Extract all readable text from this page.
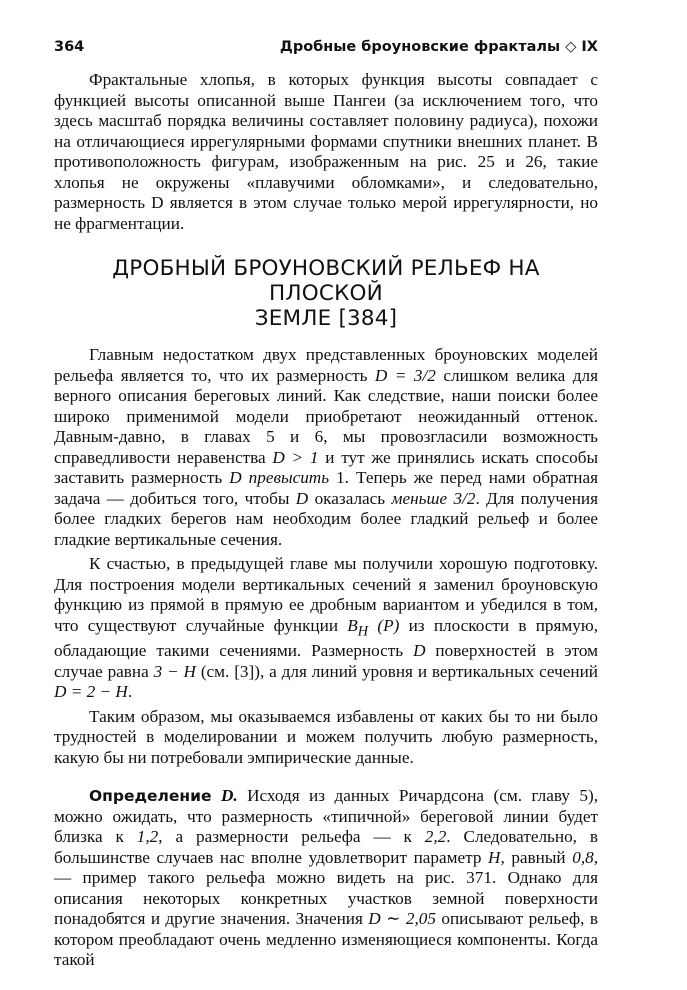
364	Дробные броуновские фракталы ◇ IX

Фрактальные хлопья, в которых функция высоты совпадает с функцией высоты описанной выше Пангеи (за исключением того, что здесь масштаб порядка величины составляет половину радиуса), похожи на отличающиеся иррегулярными формами спутники внешних планет. В противоположность фигурам, изображенным на рис. 25 и 26, такие хлопья не окружены «плавучими обломками», и следовательно, размерность D является в этом случае только мерой иррегулярности, но не фрагментации.

ДРОБНЫЙ БРОУНОВСКИЙ РЕЛЬЕФ НА ПЛОСКОЙ
ЗЕМЛЕ [384]

Главным недостатком двух представленных броуновских моделей рельефа является то, что их размерность D = 3/2 слишком велика для верного описания береговых линий. Как следствие, наши поиски более широко применимой модели приобретают неожиданный оттенок. Давным-давно, в главах 5 и 6, мы провозгласили возможность справедливости неравенства D > 1 и тут же принялись искать способы заставить размерность D превысить 1. Теперь же перед нами обратная задача — добиться того, чтобы D оказалась меньше 3/2. Для получения более гладких берегов нам необходим более гладкий рельеф и более гладкие вертикальные сечения.

К счастью, в предыдущей главе мы получили хорошую подготовку. Для построения модели вертикальных сечений я заменил броуновскую функцию из прямой в прямую ее дробным вариантом и убедился в том, что существуют случайные функции $B_H$ (P) из плоскости в прямую, обладающие такими сечениями. Размерность D поверхностей в этом случае равна 3 − H (см. [3]), а для линий уровня и вертикальных сечений D = 2 − H.

Таким образом, мы оказываемся избавлены от каких бы то ни было трудностей в моделировании и можем получить любую размерность, какую бы ни потребовали эмпирические данные.

Определение D. Исходя из данных Ричардсона (см. главу 5), можно ожидать, что размерность «типичной» береговой линии будет близка к 1,2, а размерности рельефа — к 2,2. Следовательно, в большинстве случаев нас вполне удовлетворит параметр H, равный 0,8, — пример такого рельефа можно видеть на рис. 371. Однако для описания некоторых конкретных участков земной поверхности понадобятся и другие значения. Значения D ∼ 2,05 описывают рельеф, в котором преобладают очень медленно изменяющиеся компоненты. Когда такой
